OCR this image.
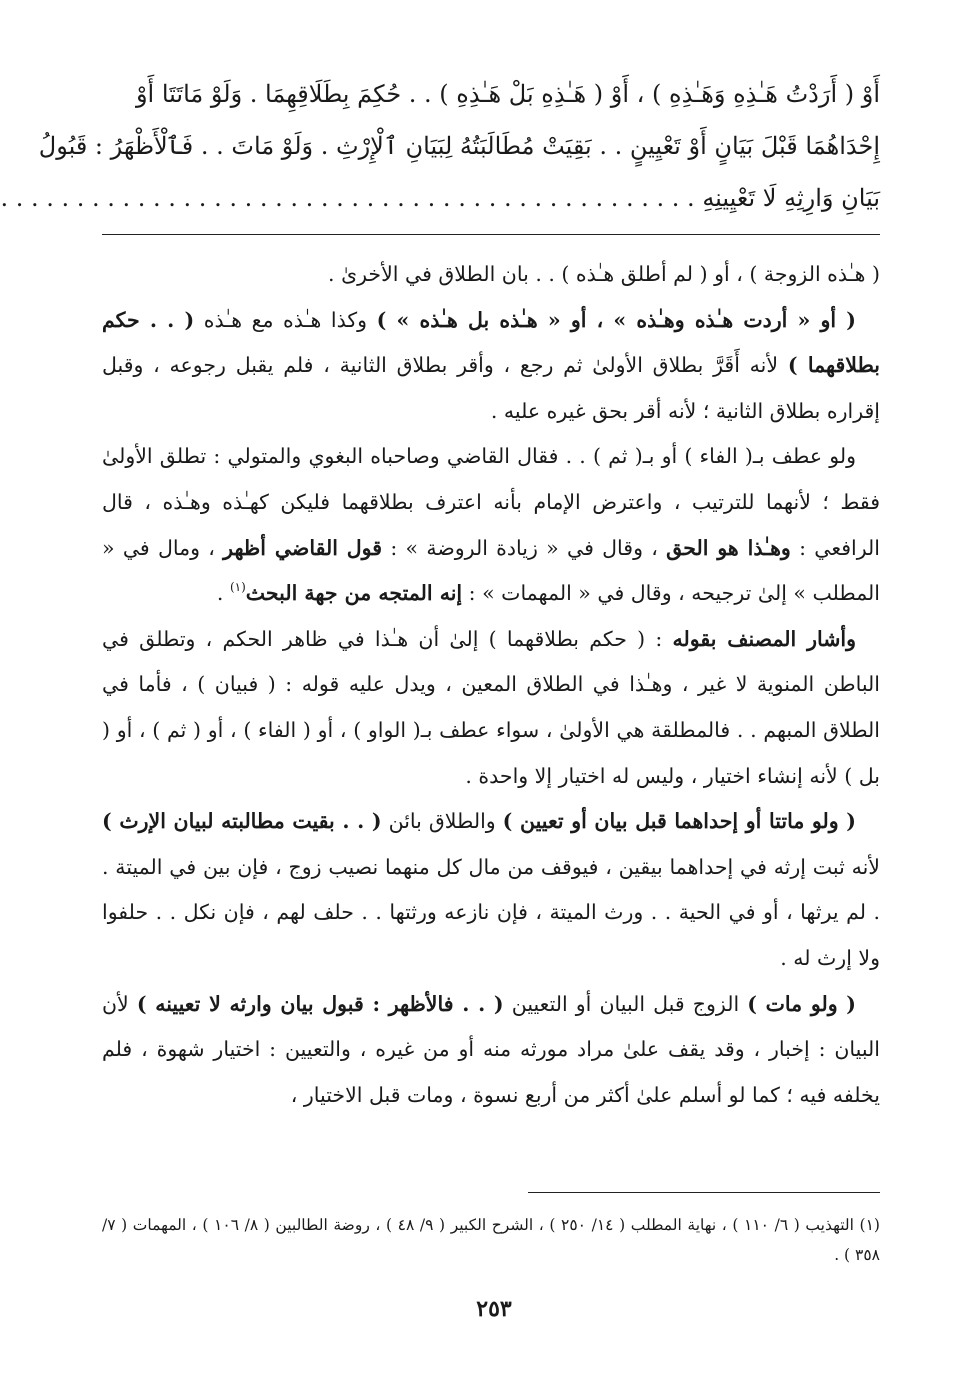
أَوْ ( أَرَدْتُ هَـٰذِهِ وَهَـٰذِهِ ) ، أَوْ ( هَـٰذِهِ بَلْ هَـٰذِهِ ) . . حُكِمَ بِطَلَاقِهِمَا . وَلَوْ مَاتَتَا أَوْ
إِحْدَاهُمَا قَبْلَ بَيَانٍ أَوْ تَعْيِينٍ . . بَقِيَتْ مُطَالَبَتُهُ لِبَيَانِ ٱلْإِرْثِ . وَلَوْ مَاتَ . . فَٱلْأَظْهَرُ : قَبُولُ
بَيَانِ وَارِثِهِ لَا تَعْيِينِهِ . . . . . . . . . . . . . . . . . . . . . . . . . . . . . . . . . . . . . . . . . . . . . .

( هـٰذه الزوجة ) ، أو ( لم أطلق هـٰذه ) . . بان الطلاق في الأخرىٰ .

( أو « أردت هـٰذه وهـٰذه » ، أو « هـٰذه بل هـٰذه » ) وكذا هـٰذه مع هـٰذه ( . . حكم بطلاقهما ) لأنه أَقَرَّ بطلاق الأولىٰ ثم رجع ، وأقر بطلاق الثانية ، فلم يقبل رجوعه ، وقبل إقراره بطلاق الثانية ؛ لأنه أقر بحق غيره عليه .

ولو عطف بـ( الفاء ) أو بـ( ثم ) . . فقال القاضي وصاحباه البغوي والمتولي : تطلق الأولىٰ فقط ؛ لأنهما للترتيب ، واعترض الإمام بأنه اعترف بطلاقهما فليكن كهـٰذه وهـٰذه ، قال الرافعي : وهـٰذا هو الحق ، وقال في « زيادة الروضة » : قول القاضي أظهر ، ومال في « المطلب » إلىٰ ترجيحه ، وقال في « المهمات » : إنه المتجه من جهة البحث$^{(١)}$ .

وأشار المصنف بقوله : ( حكم بطلاقهما ) إلىٰ أن هـٰذا في ظاهر الحكم ، وتطلق في الباطن المنوية لا غير ، وهـٰذا في الطلاق المعين ، ويدل عليه قوله : ( فبيان ) ، فأما في الطلاق المبهم . . فالمطلقة هي الأولىٰ ، سواء عطف بـ( الواو ) ، أو ( الفاء ) ، أو ( ثم ) ، أو ( بل ) لأنه إنشاء اختيار ، وليس له اختيار إلا واحدة .

( ولو ماتتا أو إحداهما قبل بيان أو تعيين ) والطلاق بائن ( . . بقيت مطالبته لبيان الإرث ) لأنه ثبت إرثه في إحداهما بيقين ، فيوقف من مال كل منهما نصيب زوج ، فإن بين في الميتة . . لم يرثها ، أو في الحية . . ورث الميتة ، فإن نازعه ورثتها . . حلف لهم ، فإن نكل . . حلفوا ولا إرث له .

( ولو مات ) الزوج قبل البيان أو التعيين ( . . فالأظهر : قبول بيان وارثه لا تعيينه ) لأن البيان : إخبار ، وقد يقف علىٰ مراد مورثه منه أو من غيره ، والتعيين : اختيار شهوة ، فلم يخلفه فيه ؛ كما لو أسلم علىٰ أكثر من أربع نسوة ، ومات قبل الاختيار ،

(١) التهذيب ( ٦/ ١١٠ ) ، نهاية المطلب ( ١٤/ ٢٥٠ ) ، الشرح الكبير ( ٩/ ٤٨ ) ، روضة الطالبين ( ٨/ ١٠٦ ) ، المهمات ( ٧/ ٣٥٨ ) .

٢٥٣
